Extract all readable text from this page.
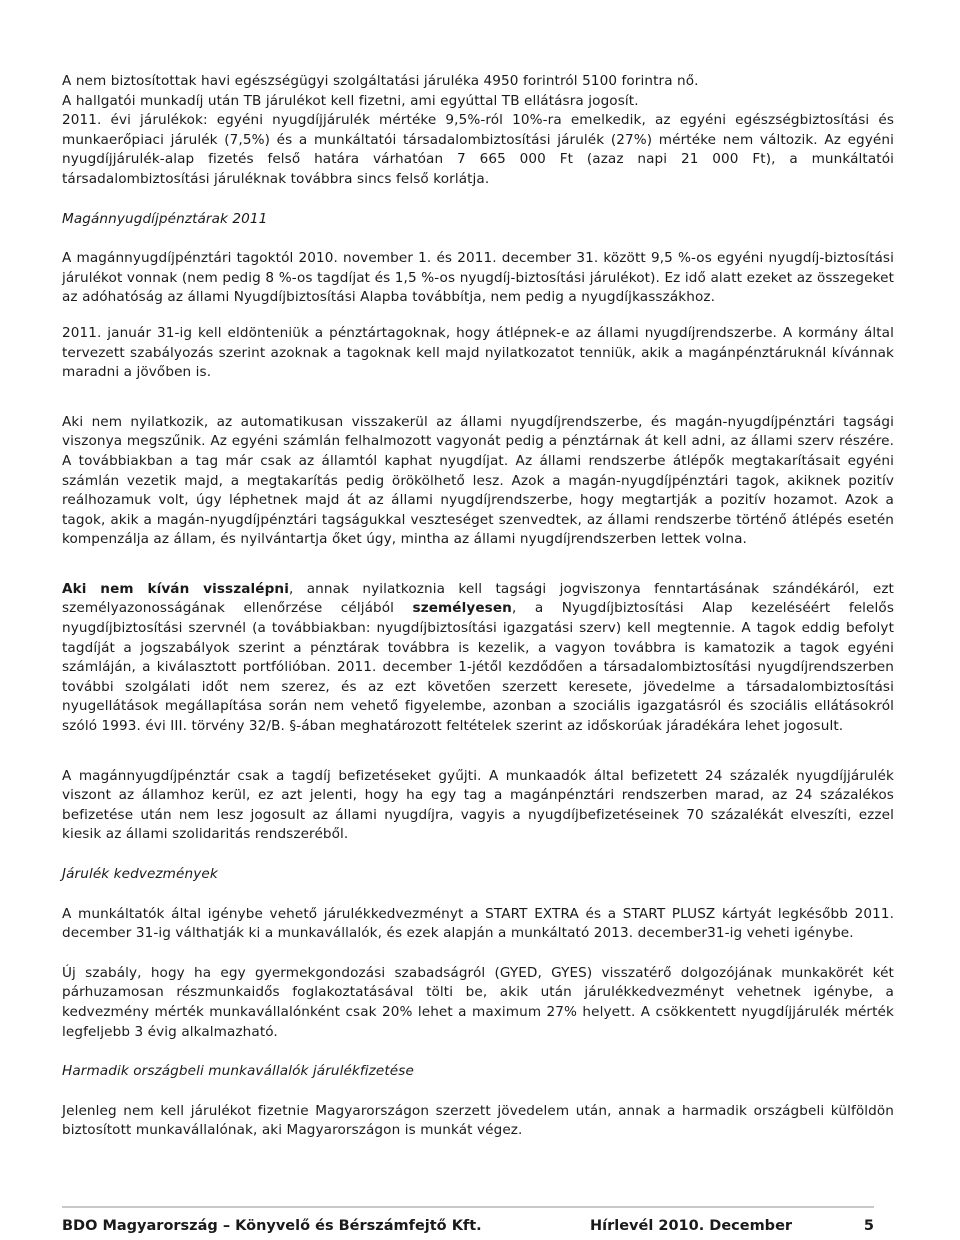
A nem biztosítottak havi egészségügyi szolgáltatási járuléka 4950 forintról 5100 forintra nő.

A hallgatói munkadíj után TB járulékot kell fizetni, ami egyúttal TB ellátásra jogosít.

2011. évi járulékok: egyéni nyugdíjjárulék mértéke 9,5%-ról 10%-ra emelkedik, az egyéni egészségbiztosítási és munkaerőpiaci járulék (7,5%) és a munkáltatói társadalombiztosítási járulék (27%) mértéke nem változik. Az egyéni nyugdíjjárulék-alap fizetés felső határa várhatóan 7 665 000 Ft (azaz napi 21 000 Ft), a munkáltatói társadalombiztosítási járuléknak továbbra sincs felső korlátja.

Magánnyugdíjpénztárak 2011

A magánnyugdíjpénztári tagoktól 2010. november 1. és 2011. december 31. között 9,5 %-os egyéni nyugdíj-biztosítási járulékot vonnak (nem pedig 8 %-os tagdíjat és 1,5 %-os nyugdíj-biztosítási járulékot). Ez idő alatt ezeket az összegeket az adóhatóság az állami Nyugdíjbiztosítási Alapba továbbítja, nem pedig a nyugdíjkasszákhoz.

2011. január 31-ig kell eldönteniük a pénztártagoknak, hogy átlépnek-e az állami nyugdíjrendszerbe. A kormány által tervezett szabályozás szerint azoknak a tagoknak kell majd nyilatkozatot tenniük, akik a magánpénztáruknál kívánnak maradni a jövőben is.

Aki nem nyilatkozik, az automatikusan visszakerül az állami nyugdíjrendszerbe, és magán-nyugdíjpénztári tagsági viszonya megszűnik. Az egyéni számlán felhalmozott vagyonát pedig a pénztárnak át kell adni, az állami szerv részére. A továbbiakban a tag már csak az államtól kaphat nyugdíjat. Az állami rendszerbe átlépők megtakarításait egyéni számlán vezetik majd, a megtakarítás pedig örökölhető lesz. Azok a magán-nyugdíjpénztári tagok, akiknek pozitív reálhozamuk volt, úgy léphetnek majd át az állami nyugdíjrendszerbe, hogy megtartják a pozitív hozamot. Azok a tagok, akik a magán-nyugdíjpénztári tagságukkal veszteséget szenvedtek, az állami rendszerbe történő átlépés esetén kompenzálja az állam, és nyilvántartja őket úgy, mintha az állami nyugdíjrendszerben lettek volna.

Aki nem kíván visszalépni, annak nyilatkoznia kell tagsági jogviszonya fenntartásának szándékáról, ezt személyazonosságának ellenőrzése céljából személyesen, a Nyugdíjbiztosítási Alap kezeléséért felelős nyugdíjbiztosítási szervnél (a továbbiakban: nyugdíjbiztosítási igazgatási szerv) kell megtennie. A tagok eddig befolyt tagdíját a jogszabályok szerint a pénztárak továbbra is kezelik, a vagyon továbbra is kamatozik a tagok egyéni számláján, a kiválasztott portfólióban. 2011. december 1-jétől kezdődően a társadalombiztosítási nyugdíjrendszerben további szolgálati időt nem szerez, és az ezt követően szerzett keresete, jövedelme a társadalombiztosítási nyugellátások megállapítása során nem vehető figyelembe, azonban a szociális igazgatásról és szociális ellátásokról szóló 1993. évi III. törvény 32/B. §-ában meghatározott feltételek szerint az időskorúak járadékára lehet jogosult.

A magánnyugdíjpénztár csak a tagdíj befizetéseket gyűjti. A munkaadók által befizetett 24 százalék nyugdíjjárulék viszont az államhoz kerül, ez azt jelenti, hogy ha egy tag a magánpénztári rendszerben marad, az 24 százalékos befizetése után nem lesz jogosult az állami nyugdíjra, vagyis a nyugdíjbefizetéseinek 70 százalékát elveszíti, ezzel kiesik az állami szolidaritás rendszeréből.

Járulék kedvezmények

A munkáltatók által igénybe vehető járulékkedvezményt a START EXTRA és a START PLUSZ kártyát legkésőbb 2011. december 31-ig válthatják ki a munkavállalók, és ezek alapján a munkáltató 2013. december31-ig veheti igénybe.

Új szabály, hogy ha egy gyermekgondozási szabadságról (GYED, GYES) visszatérő dolgozójának munkakörét két párhuzamosan részmunkaidős foglakoztatásával tölti be, akik után járulékkedvezményt vehetnek igénybe, a kedvezmény mérték munkavállalónként csak 20% lehet a maximum 27% helyett. A csökkentett nyugdíjjárulék mérték legfeljebb 3 évig alkalmazható.

Harmadik országbeli munkavállalók járulékfizetése

Jelenleg nem kell járulékot fizetnie Magyarországon szerzett jövedelem után, annak a harmadik országbeli külföldön biztosított munkavállalónak, aki Magyarországon is munkát végez.

BDO Magyarország – Könyvelő és Bérszámfejtő Kft.	Hírlevél 2010. December	5
